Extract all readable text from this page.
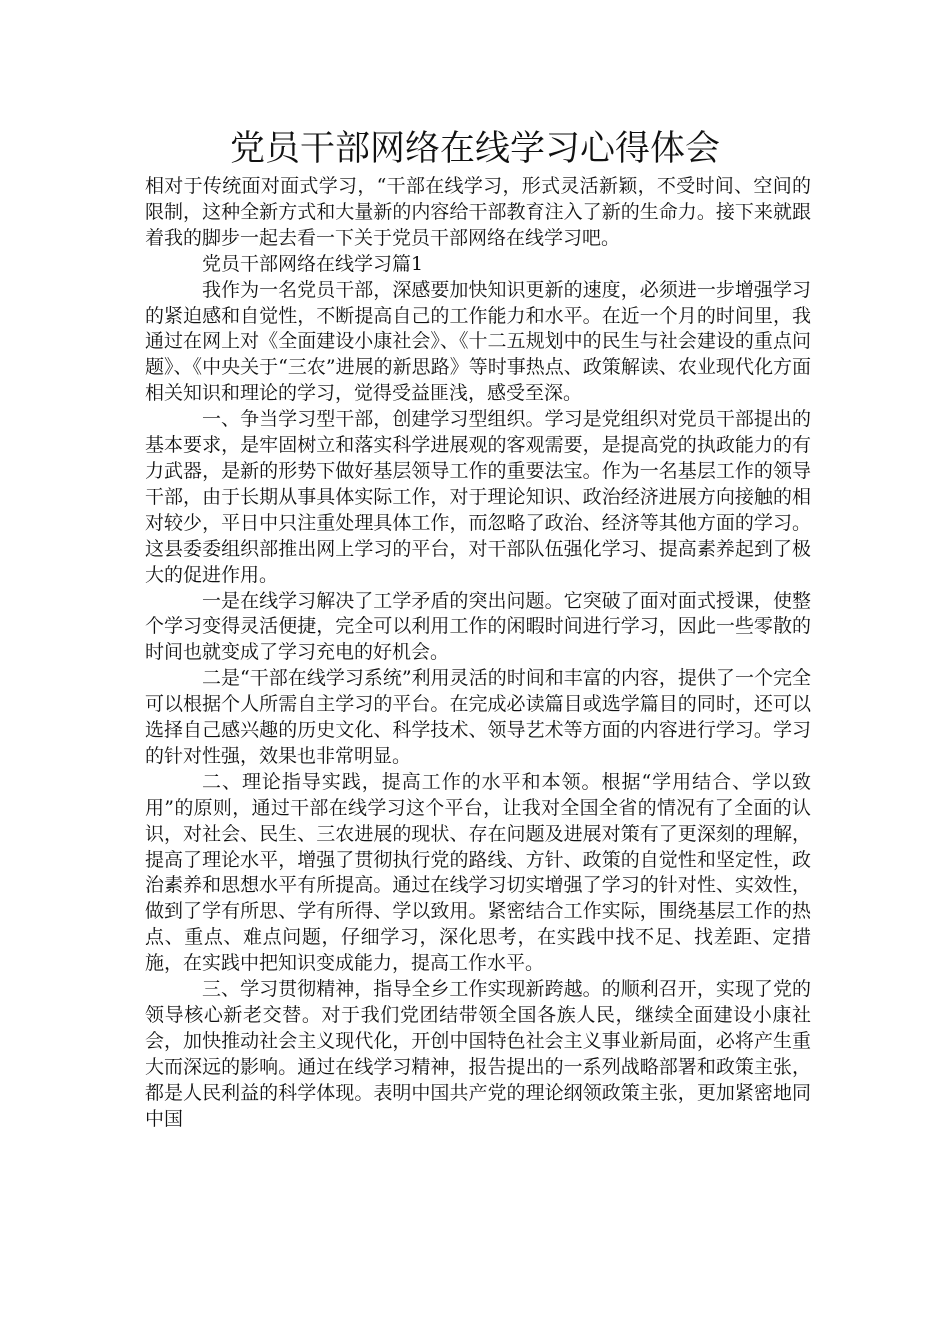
党员干部网络在线学习心得体会

相对于传统面对面式学习，“干部在线学习，形式灵活新颖，不受时间、空间的限制，这种全新方式和大量新的内容给干部教育注入了新的生命力。接下来就跟着我的脚步一起去看一下关于党员干部网络在线学习吧。

党员干部网络在线学习篇1

我作为一名党员干部，深感要加快知识更新的速度，必须进一步增强学习的紧迫感和自觉性，不断提高自己的工作能力和水平。在近一个月的时间里，我通过在网上对《全面建设小康社会》、《十二五规划中的民生与社会建设的重点问题》、《中央关于“三农”进展的新思路》等时事热点、政策解读、农业现代化方面相关知识和理论的学习，觉得受益匪浅，感受至深。

一、争当学习型干部，创建学习型组织。学习是党组织对党员干部提出的基本要求，是牢固树立和落实科学进展观的客观需要，是提高党的执政能力的有力武器，是新的形势下做好基层领导工作的重要法宝。作为一名基层工作的领导干部，由于长期从事具体实际工作，对于理论知识、政治经济进展方向接触的相对较少，平日中只注重处理具体工作，而忽略了政治、经济等其他方面的学习。这县委委组织部推出网上学习的平台，对干部队伍强化学习、提高素养起到了极大的促进作用。

一是在线学习解决了工学矛盾的突出问题。它突破了面对面式授课，使整个学习变得灵活便捷，完全可以利用工作的闲暇时间进行学习，因此一些零散的时间也就变成了学习充电的好机会。

二是“干部在线学习系统”利用灵活的时间和丰富的内容，提供了一个完全可以根据个人所需自主学习的平台。在完成必读篇目或选学篇目的同时，还可以选择自己感兴趣的历史文化、科学技术、领导艺术等方面的内容进行学习。学习的针对性强，效果也非常明显。

二、理论指导实践，提高工作的水平和本领。根据“学用结合、学以致用”的原则，通过干部在线学习这个平台，让我对全国全省的情况有了全面的认识，对社会、民生、三农进展的现状、存在问题及进展对策有了更深刻的理解，提高了理论水平，增强了贯彻执行党的路线、方针、政策的自觉性和坚定性，政治素养和思想水平有所提高。通过在线学习切实增强了学习的针对性、实效性，做到了学有所思、学有所得、学以致用。紧密结合工作实际，围绕基层工作的热点、重点、难点问题，仔细学习，深化思考，在实践中找不足、找差距、定措施，在实践中把知识变成能力，提高工作水平。

三、学习贯彻精神，指导全乡工作实现新跨越。的顺利召开，实现了党的领导核心新老交替。对于我们党团结带领全国各族人民，继续全面建设小康社会，加快推动社会主义现代化，开创中国特色社会主义事业新局面，必将产生重大而深远的影响。通过在线学习精神，报告提出的一系列战略部署和政策主张，都是人民利益的科学体现。表明中国共产党的理论纲领政策主张，更加紧密地同中国
